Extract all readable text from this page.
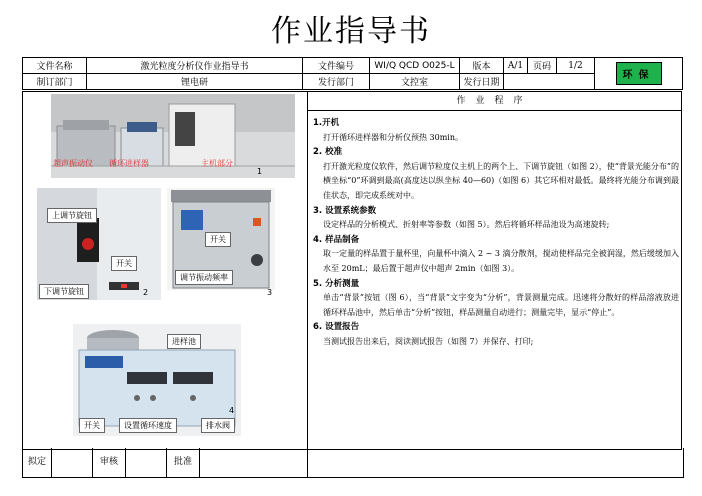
作业指导书
文件名称	激光粒度分析仪作业指导书	文件编号	WI/Q QCD O025-L	版本	A/1	页码	1/2	环保
制订部门	锂电研	发行部门	文控室	发行日期				
作业程序
超声振动仪 循环进样器	主机部分
1
上调节旋钮
开关
下调节旋钮	2
开关
调节振动频率
3
进样池
开关	设置循环速度	排水阀
4

1.开机

打开循环进样器和分析仪预热 30min。

2. 校准

打开激光粒度仪软件，然后调节粒度仪主机上的两个上、下调节旋钮（如图 2），使“背景光能分布”的横坐标“0”环调到最高(高度达以纵坐标 40—60)（如图 6）其它环相对最低。最终将光能分布调到最佳状态，即完成系统对中。

3. 设置系统参数

设定样品的分析模式、折射率等参数（如图 5）。然后将循环样品池设为高速旋转;

4. 样品制备

取一定量的样品置于量杯里，向量杯中滴入 2 ~ 3 滴分散剂，搅动使样品完全被润湿，然后缓缓加入水至 20mL；最后置于超声仪中超声 2min（如图 3）。

5. 分析测量

单击“背景”按钮（图 6），当“背景”文字变为“分析”，背景测量完成。迅速将分散好的样品溶液放进循环样品池中，然后单击“分析”按钮，样品测量自动进行；测量完毕，显示“停止”。

6. 设置报告

当测试报告出来后，阅读测试报告（如图 7）并保存、打印;

拟定	审核	批准
